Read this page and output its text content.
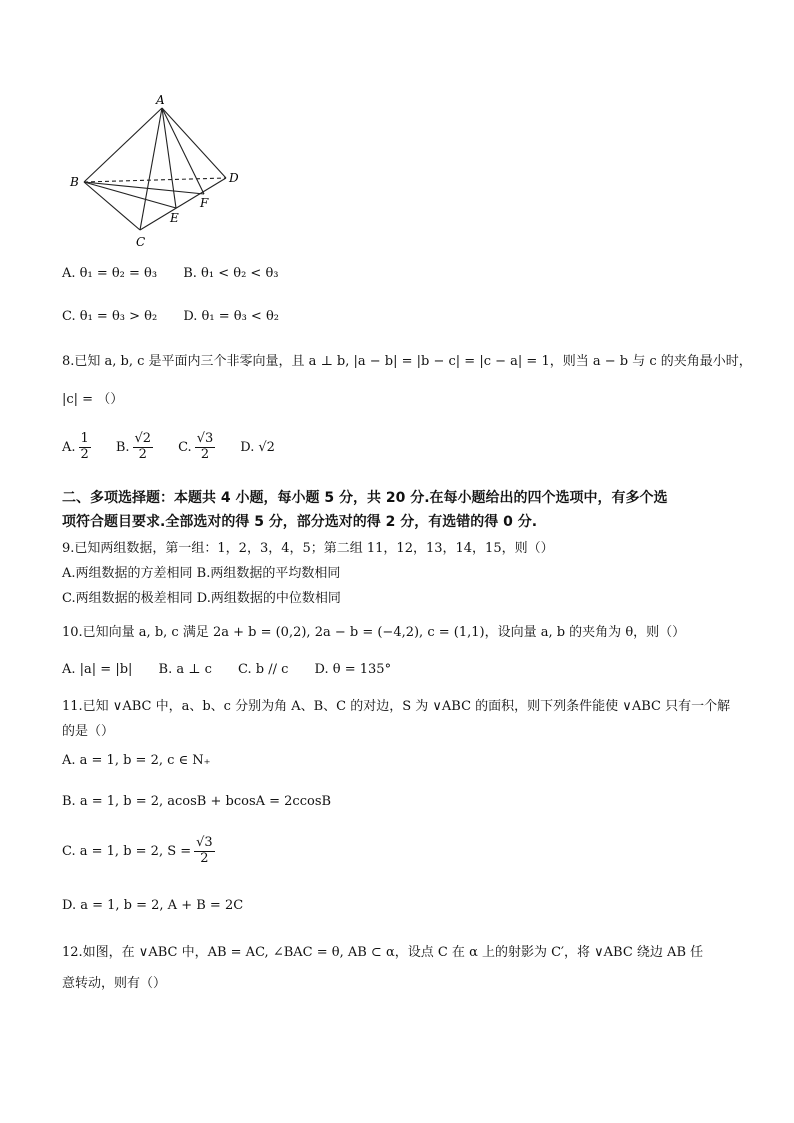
A
B
C
D
E
F
A. θ₁ = θ₂ = θ₃ B. θ₁ < θ₂ < θ₃
C. θ₁ = θ₃ > θ₂ D. θ₁ = θ₃ < θ₂
8.已知 a, b, c 是平面内三个非零向量，且 a ⊥ b, |a − b| = |b − c| = |c − a| = 1，则当 a − b 与 c 的夹角最小时，
|c| = （）
A. $\frac{1}{2} B$. $\frac{√2}{2} C$. $\frac{√3}{2} D$. √2
二、多项选择题：本题共 4 小题，每小题 5 分，共 20 分.在每小题给出的四个选项中，有多个选
项符合题目要求.全部选对的得 5 分，部分选对的得 2 分，有选错的得 0 分.
9.已知两组数据，第一组：1，2，3，4，5；第二组 11，12，13，14，15，则（）
A.两组数据的方差相同 B.两组数据的平均数相同
C.两组数据的极差相同 D.两组数据的中位数相同
10.已知向量 a, b, c 满足 2a + b = (0,2), 2a − b = (−4,2), c = (1,1)，设向量 a, b 的夹角为 θ，则（）
A. |a| = |b| B. a ⊥ c C. b // c D. θ = 135°
11.已知 ∨ABC 中，a、b、c 分别为角 A、B、C 的对边，S 为 ∨ABC 的面积，则下列条件能使 ∨ABC 只有一个解
的是（）
A. a = 1, b = 2, c ∈ N₊
B. a = 1, b = 2, acosB + bcosA = 2ccosB
C. a = 1, b = 2, $S = \frac{√3}{2}$
D. a = 1, b = 2, A + B = 2C
12.如图，在 ∨ABC 中，AB = AC, ∠BAC = θ, AB ⊂ α，设点 C 在 α 上的射影为 C′，将 ∨ABC 绕边 AB 任
意转动，则有（）
